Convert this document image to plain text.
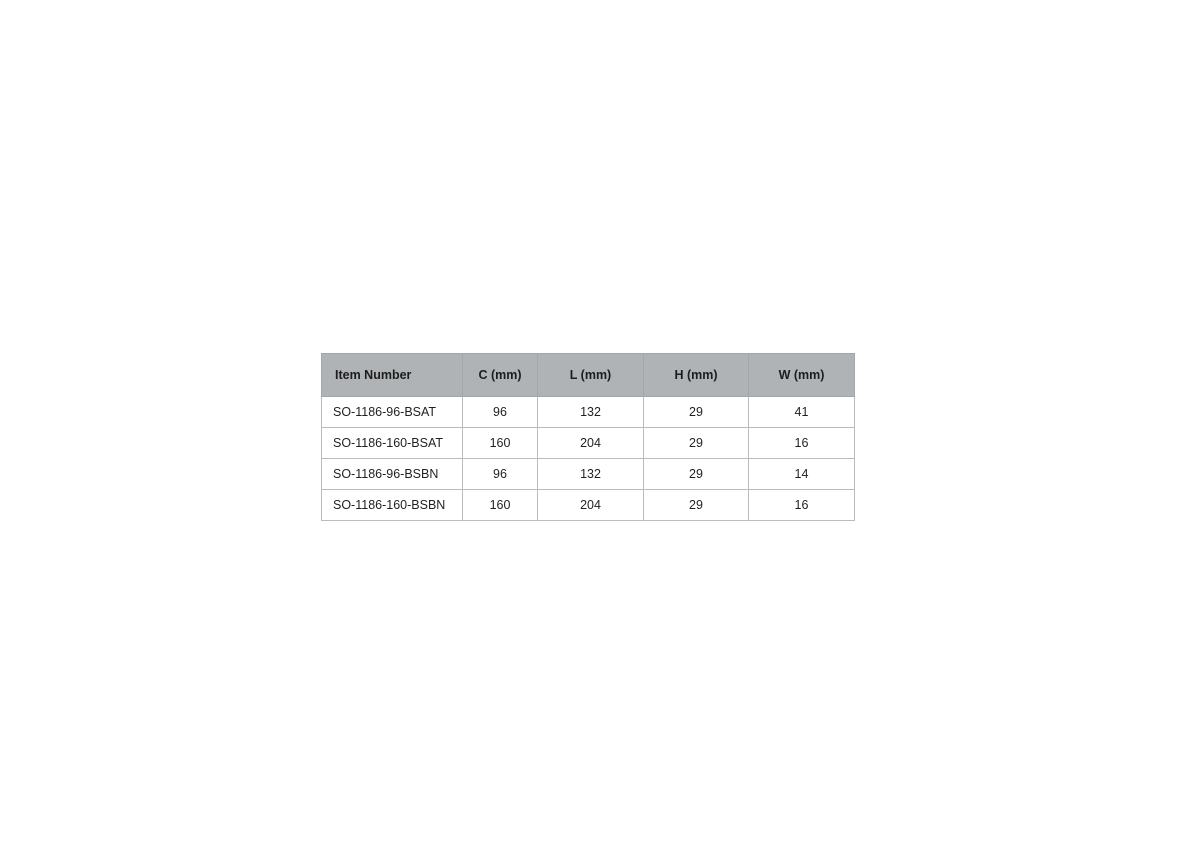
Item Number	C (mm)	L (mm)	H (mm)	W (mm)
SO-1186-96-BSAT	96	132	29	41
SO-1186-160-BSAT	160	204	29	16
SO-1186-96-BSBN	96	132	29	14
SO-1186-160-BSBN	160	204	29	16
